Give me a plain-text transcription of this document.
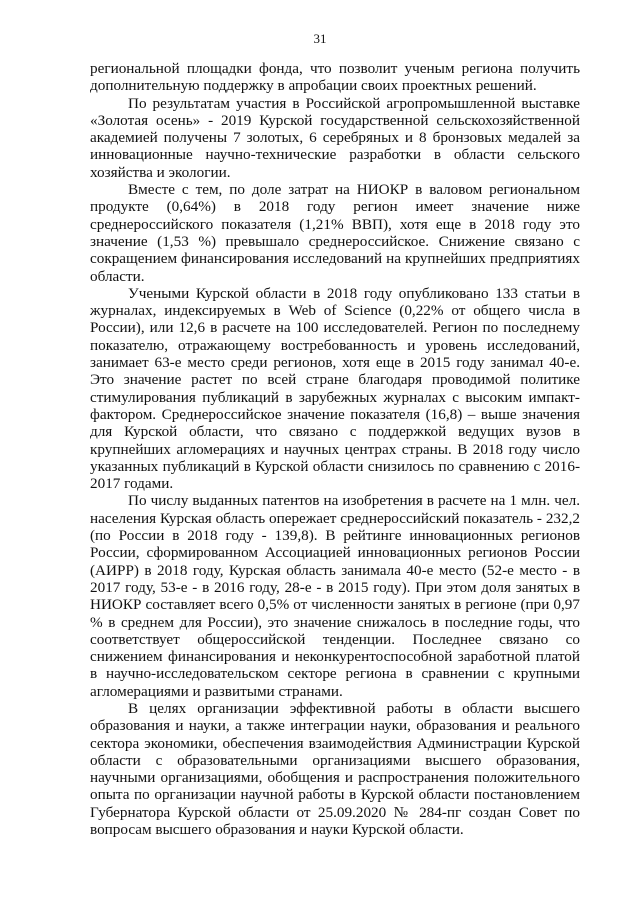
31

региональной площадки фонда, что позволит ученым региона получить дополнительную поддержку в апробации своих проектных решений.

По результатам участия в Российской агропромышленной выставке «Золотая осень» - 2019 Курской государственной сельскохозяйственной академией получены 7 золотых, 6 серебряных и 8 бронзовых медалей за инновационные научно-технические разработки в области сельского хозяйства и экологии.

Вместе с тем, по доле затрат на НИОКР в валовом региональном продукте (0,64%) в 2018 году регион имеет значение ниже среднероссийского показателя (1,21% ВВП), хотя еще в 2018 году это значение (1,53 %) превышало среднероссийское. Снижение связано с сокращением финансирования исследований на крупнейших предприятиях области.

Учеными Курской области в 2018 году опубликовано 133 статьи в журналах, индексируемых в Web of Science (0,22% от общего числа в России), или 12,6 в расчете на 100 исследователей. Регион по последнему показателю, отражающему востребованность и уровень исследований, занимает 63-е место среди регионов, хотя еще в 2015 году занимал 40-е. Это значение растет по всей стране благодаря проводимой политике стимулирования публикаций в зарубежных журналах с высоким импакт-фактором. Среднероссийское значение показателя (16,8) – выше значения для Курской области, что связано с поддержкой ведущих вузов в крупнейших агломерациях и научных центрах страны. В 2018 году число указанных публикаций в Курской области снизилось по сравнению с 2016-2017 годами.

По числу выданных патентов на изобретения в расчете на 1 млн. чел. населения Курская область опережает среднероссийский показатель - 232,2 (по России в 2018 году - 139,8). В рейтинге инновационных регионов России, сформированном Ассоциацией инновационных регионов России (АИРР) в 2018 году, Курская область занимала 40-е место (52-е место - в 2017 году, 53-е - в 2016 году, 28-е - в 2015 году). При этом доля занятых в НИОКР составляет всего 0,5% от численности занятых в регионе (при 0,97 % в среднем для России), это значение снижалось в последние годы, что соответствует общероссийской тенденции. Последнее связано со снижением финансирования и неконкурентоспособной заработной платой в научно-исследовательском секторе региона в сравнении с крупными агломерациями и развитыми странами.

В целях организации эффективной работы в области высшего образования и науки, а также интеграции науки, образования и реального сектора экономики, обеспечения взаимодействия Администрации Курской области с образовательными организациями высшего образования, научными организациями, обобщения и распространения положительного опыта по организации научной работы в Курской области постановлением Губернатора Курской области от 25.09.2020 № 284-пг создан Совет по вопросам высшего образования и науки Курской области.
